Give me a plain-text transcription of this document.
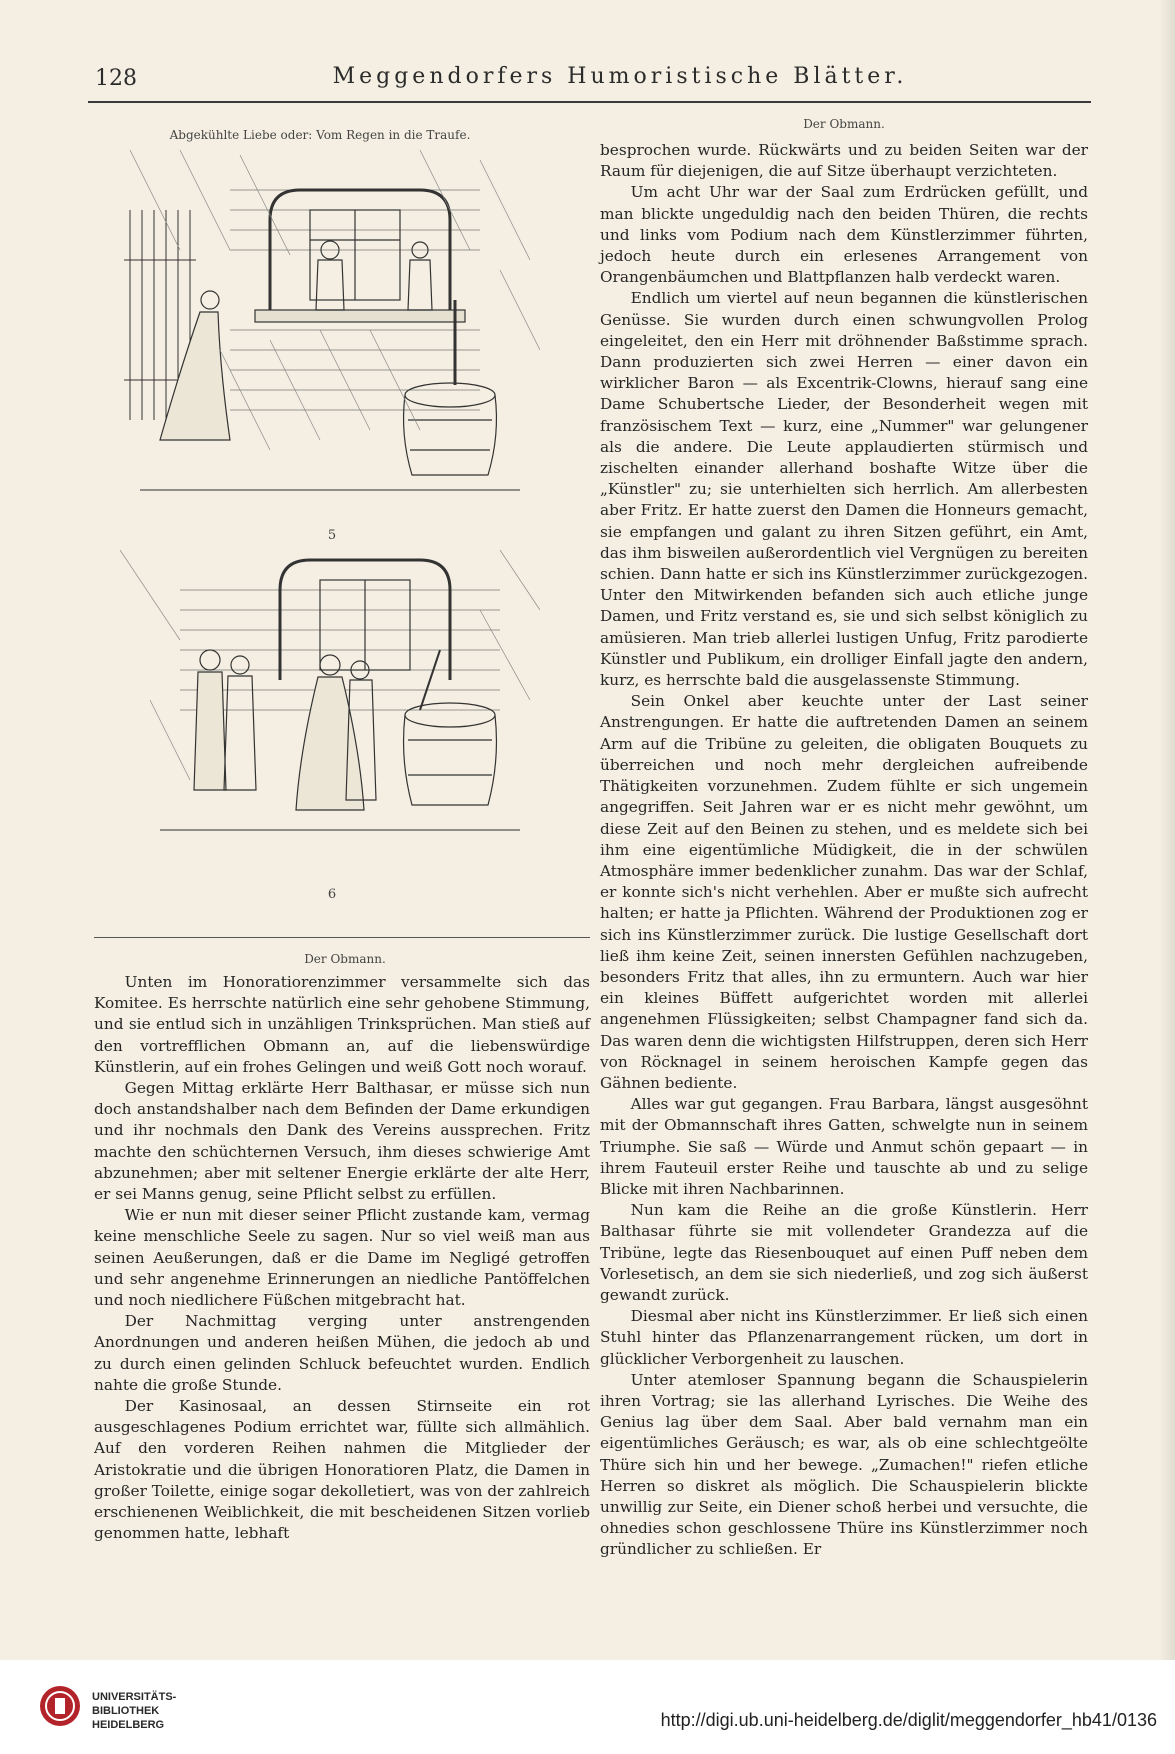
128	Meggendorfers Humoristische Blätter.
Abgekühlte Liebe oder: Vom Regen in die Traufe.
Der Obmann.
5
6
Der Obmann.

Unten im Honoratiorenzimmer versammelte sich das Komitee. Es herrschte natürlich eine sehr gehobene Stimmung, und sie entlud sich in unzähligen Trinksprüchen. Man stieß auf den vortrefflichen Obmann an, auf die liebenswürdige Künstlerin, auf ein frohes Gelingen und weiß Gott noch worauf.

Gegen Mittag erklärte Herr Balthasar, er müsse sich nun doch anstandshalber nach dem Befinden der Dame erkundigen und ihr nochmals den Dank des Vereins aussprechen. Fritz machte den schüchternen Versuch, ihm dieses schwierige Amt abzunehmen; aber mit seltener Energie erklärte der alte Herr, er sei Manns genug, seine Pflicht selbst zu erfüllen.

Wie er nun mit dieser seiner Pflicht zustande kam, vermag keine menschliche Seele zu sagen. Nur so viel weiß man aus seinen Aeußerungen, daß er die Dame im Negligé getroffen und sehr angenehme Erinnerungen an niedliche Pantöffelchen und noch niedlichere Füßchen mitgebracht hat.

Der Nachmittag verging unter anstrengenden Anordnungen und anderen heißen Mühen, die jedoch ab und zu durch einen gelinden Schluck befeuchtet wurden. Endlich nahte die große Stunde.

Der Kasinosaal, an dessen Stirnseite ein rot ausgeschlagenes Podium errichtet war, füllte sich allmählich. Auf den vorderen Reihen nahmen die Mitglieder der Aristokratie und die übrigen Honoratioren Platz, die Damen in großer Toilette, einige sogar dekolletiert, was von der zahlreich erschienenen Weiblichkeit, die mit bescheidenen Sitzen vorlieb genommen hatte, lebhaft

besprochen wurde. Rückwärts und zu beiden Seiten war der Raum für diejenigen, die auf Sitze überhaupt verzichteten.

Um acht Uhr war der Saal zum Erdrücken gefüllt, und man blickte ungeduldig nach den beiden Thüren, die rechts und links vom Podium nach dem Künstlerzimmer führten, jedoch heute durch ein erlesenes Arrangement von Orangenbäumchen und Blattpflanzen halb verdeckt waren.

Endlich um viertel auf neun begannen die künstlerischen Genüsse. Sie wurden durch einen schwungvollen Prolog eingeleitet, den ein Herr mit dröhnender Baßstimme sprach. Dann produzierten sich zwei Herren — einer davon ein wirklicher Baron — als Excentrik-Clowns, hierauf sang eine Dame Schubertsche Lieder, der Besonderheit wegen mit französischem Text — kurz, eine „Nummer" war gelungener als die andere. Die Leute applaudierten stürmisch und zischelten einander allerhand boshafte Witze über die „Künstler" zu; sie unterhielten sich herrlich. Am allerbesten aber Fritz. Er hatte zuerst den Damen die Honneurs gemacht, sie empfangen und galant zu ihren Sitzen geführt, ein Amt, das ihm bisweilen außerordentlich viel Vergnügen zu bereiten schien. Dann hatte er sich ins Künstlerzimmer zurückgezogen. Unter den Mitwirkenden befanden sich auch etliche junge Damen, und Fritz verstand es, sie und sich selbst königlich zu amüsieren. Man trieb allerlei lustigen Unfug, Fritz parodierte Künstler und Publikum, ein drolliger Einfall jagte den andern, kurz, es herrschte bald die ausgelassenste Stimmung.

Sein Onkel aber keuchte unter der Last seiner Anstrengungen. Er hatte die auftretenden Damen an seinem Arm auf die Tribüne zu geleiten, die obligaten Bouquets zu überreichen und noch mehr dergleichen aufreibende Thätigkeiten vorzunehmen. Zudem fühlte er sich ungemein angegriffen. Seit Jahren war er es nicht mehr gewöhnt, um diese Zeit auf den Beinen zu stehen, und es meldete sich bei ihm eine eigentümliche Müdigkeit, die in der schwülen Atmosphäre immer bedenklicher zunahm. Das war der Schlaf, er konnte sich's nicht verhehlen. Aber er mußte sich aufrecht halten; er hatte ja Pflichten. Während der Produktionen zog er sich ins Künstlerzimmer zurück. Die lustige Gesellschaft dort ließ ihm keine Zeit, seinen innersten Gefühlen nachzugeben, besonders Fritz that alles, ihn zu ermuntern. Auch war hier ein kleines Büffett aufgerichtet worden mit allerlei angenehmen Flüssigkeiten; selbst Champagner fand sich da. Das waren denn die wichtigsten Hilfstruppen, deren sich Herr von Röcknagel in seinem heroischen Kampfe gegen das Gähnen bediente.

Alles war gut gegangen. Frau Barbara, längst ausgesöhnt mit der Obmannschaft ihres Gatten, schwelgte nun in seinem Triumphe. Sie saß — Würde und Anmut schön gepaart — in ihrem Fauteuil erster Reihe und tauschte ab und zu selige Blicke mit ihren Nachbarinnen.

Nun kam die Reihe an die große Künstlerin. Herr Balthasar führte sie mit vollendeter Grandezza auf die Tribüne, legte das Riesenbouquet auf einen Puff neben dem Vorlesetisch, an dem sie sich niederließ, und zog sich äußerst gewandt zurück.

Diesmal aber nicht ins Künstlerzimmer. Er ließ sich einen Stuhl hinter das Pflanzenarrangement rücken, um dort in glücklicher Verborgenheit zu lauschen.

Unter atemloser Spannung begann die Schauspielerin ihren Vortrag; sie las allerhand Lyrisches. Die Weihe des Genius lag über dem Saal. Aber bald vernahm man ein eigentümliches Geräusch; es war, als ob eine schlechtgeölte Thüre sich hin und her bewege. „Zumachen!" riefen etliche Herren so diskret als möglich. Die Schauspielerin blickte unwillig zur Seite, ein Diener schoß herbei und versuchte, die ohnedies schon geschlossene Thüre ins Künstlerzimmer noch gründlicher zu schließen. Er

UNIVERSITÄTS-
BIBLIOTHEK
HEIDELBERG	http://digi.ub.uni-heidelberg.de/diglit/meggendorfer_hb41/0136
